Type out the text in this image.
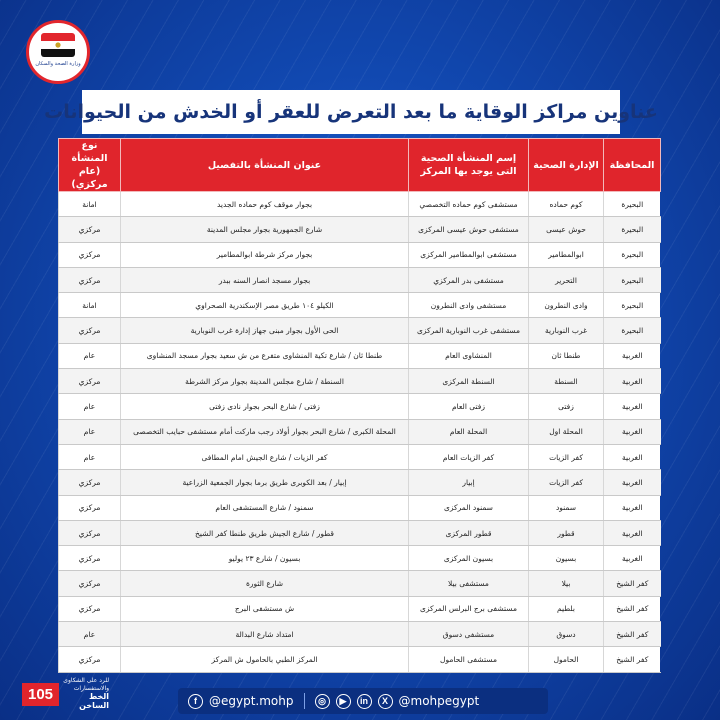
وزارة الصحة والسكان
عناوين مراكز الوقاية ما بعد التعرض للعقر أو الخدش من الحيوانات
المحافظة	الإدارة الصحية	إسم المنشأة الصحية التى يوجد بها المركز	عنوان المنشأة بالتفصيل	نوع المنشأة (عام مركزي)
البحيرة	كوم حماده	مستشفى كوم حماده التخصصي	بجوار موقف كوم حماده الجديد	امانة
البحيرة	حوش عيسى	مستشفى حوش عيسى المركزى	شارع الجمهورية بجوار مجلس المدينة	مركزي
البحيرة	ابوالمطامير	مستشفى ابوالمطامير المركزى	بجوار مركز شرطة ابوالمطامير	مركزي
البحيرة	التحرير	مستشفى بدر المركزي	بجوار مسجد انصار السنه ببدر	مركزي
البحيرة	وادى النطرون	مستشفى وادى النطرون	الكيلو ١٠٤ طريق مصر الإسكندرية الصحراوي	امانة
البحيرة	غرب النوبارية	مستشفى غرب النوبارية المركزى	الحى الأول بجوار مبنى جهاز إدارة غرب النوبارية	مركزي
الغربية	طنطا ثان	المنشاوى العام	طنطا ثان / شارع تكية المنشاوى متفرع من ش سعيد بجوار مسجد المنشاوى	عام
الغربية	السنطة	السنطة المركزى	السنطة / شارع مجلس المدينة بجوار مركز الشرطة	مركزي
الغربية	زفتى	زفتى العام	زفتى / شارع البحر بجوار نادى زفتى	عام
الغربية	المحلة اول	المحلة العام	المحلة الكبرى / شارع البحر بجوار أولاد رجب ماركت أمام مستشفى حبايب التخصصى	عام
الغربية	كفر الزيات	كفر الزيات العام	كفر الزيات / شارع الجيش امام المطافى	عام
الغربية	كفر الزيات	إبيار	إبيار / بعد الكوبرى طريق برما بجوار الجمعية الزراعية	مركزي
الغربية	سمنود	سمنود المركزى	سمنود / شارع المستشفى العام	مركزي
الغربية	قطور	قطور المركزى	قطور / شارع الجيش طريق طنطا كفر الشيخ	مركزي
الغربية	بسيون	بسيون المركزى	بسيون / شارع ٢٣ يوليو	مركزي
كفر الشيخ	بيلا	مستشفى بيلا	شارع الثورة	مركزي
كفر الشيخ	بلطيم	مستشفى برج البرلس المركزى	ش مستشفى البرج	مركزي
كفر الشيخ	دسوق	مستشفى دسوق	امتداد شارع البدالة	عام
كفر الشيخ	الحامول	مستشفى الحامول	المركز الطبي بالحامول ش المركز	مركزي
105
للرد على الشكاوى والاستفسارات
الخط الساخن	f	@egypt.mohp	◎	▶	in	X @mohpegypt
